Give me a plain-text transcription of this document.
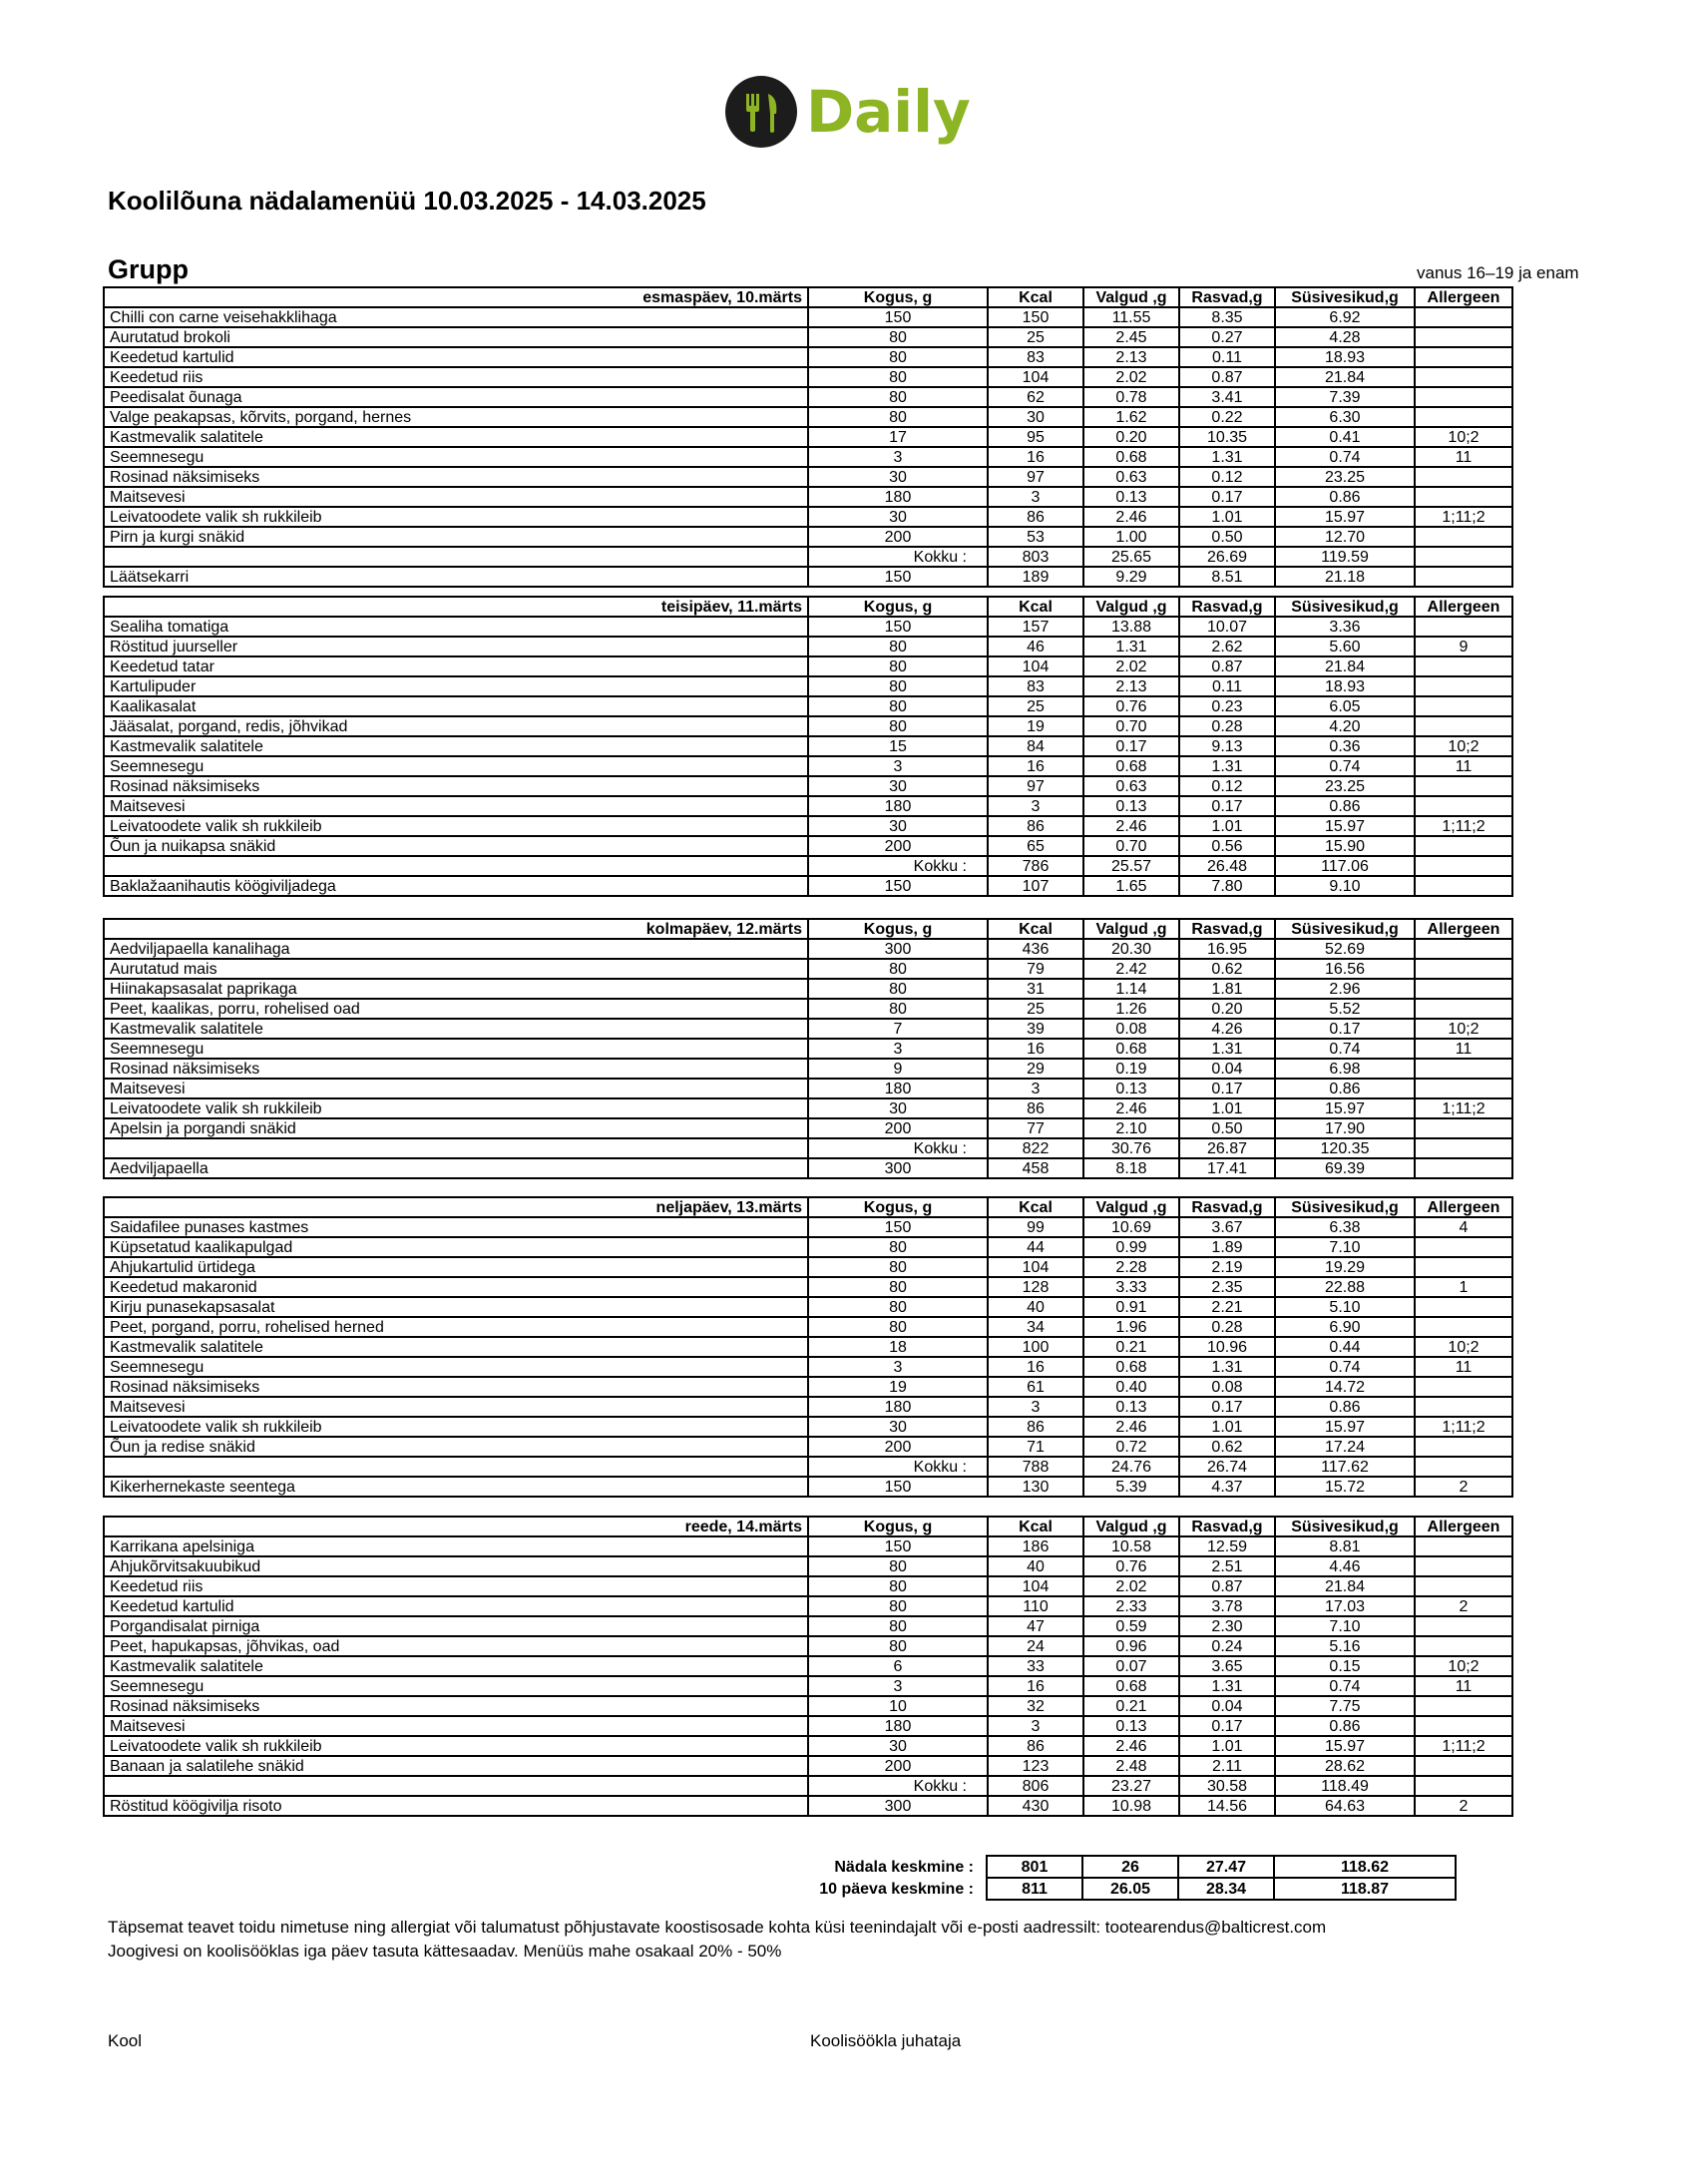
Daily
Koolilõuna nädalamenüü 10.03.2025 - 14.03.2025
Grupp	vanus 16–19 ja enam
esmaspäev, 10.märts	Kogus, g	Kcal	Valgud ,g	Rasvad,g	Süsivesikud,g	Allergeen
Chilli con carne veisehakklihaga	150	150	11.55	8.35	6.92	
Aurutatud brokoli	80	25	2.45	0.27	4.28	
Keedetud kartulid	80	83	2.13	0.11	18.93	
Keedetud riis	80	104	2.02	0.87	21.84	
Peedisalat õunaga	80	62	0.78	3.41	7.39	
Valge peakapsas, kõrvits, porgand, hernes	80	30	1.62	0.22	6.30	
Kastmevalik salatitele	17	95	0.20	10.35	0.41	10;2
Seemnesegu	3	16	0.68	1.31	0.74	11
Rosinad näksimiseks	30	97	0.63	0.12	23.25	
Maitsevesi	180	3	0.13	0.17	0.86	
Leivatoodete valik sh rukkileib	30	86	2.46	1.01	15.97	1;11;2
Pirn ja kurgi snäkid	200	53	1.00	0.50	12.70	
	Kokku :	803	25.65	26.69	119.59	
Läätsekarri	150	189	9.29	8.51	21.18	
teisipäev, 11.märts	Kogus, g	Kcal	Valgud ,g	Rasvad,g	Süsivesikud,g	Allergeen
Sealiha tomatiga	150	157	13.88	10.07	3.36	
Röstitud juurseller	80	46	1.31	2.62	5.60	9
Keedetud tatar	80	104	2.02	0.87	21.84	
Kartulipuder	80	83	2.13	0.11	18.93	
Kaalikasalat	80	25	0.76	0.23	6.05	
Jääsalat, porgand, redis, jõhvikad	80	19	0.70	0.28	4.20	
Kastmevalik salatitele	15	84	0.17	9.13	0.36	10;2
Seemnesegu	3	16	0.68	1.31	0.74	11
Rosinad näksimiseks	30	97	0.63	0.12	23.25	
Maitsevesi	180	3	0.13	0.17	0.86	
Leivatoodete valik sh rukkileib	30	86	2.46	1.01	15.97	1;11;2
Õun ja nuikapsa snäkid	200	65	0.70	0.56	15.90	
	Kokku :	786	25.57	26.48	117.06	
Baklažaanihautis köögiviljadega	150	107	1.65	7.80	9.10	
kolmapäev, 12.märts	Kogus, g	Kcal	Valgud ,g	Rasvad,g	Süsivesikud,g	Allergeen
Aedviljapaella kanalihaga	300	436	20.30	16.95	52.69	
Aurutatud mais	80	79	2.42	0.62	16.56	
Hiinakapsasalat paprikaga	80	31	1.14	1.81	2.96	
Peet, kaalikas, porru, rohelised oad	80	25	1.26	0.20	5.52	
Kastmevalik salatitele	7	39	0.08	4.26	0.17	10;2
Seemnesegu	3	16	0.68	1.31	0.74	11
Rosinad näksimiseks	9	29	0.19	0.04	6.98	
Maitsevesi	180	3	0.13	0.17	0.86	
Leivatoodete valik sh rukkileib	30	86	2.46	1.01	15.97	1;11;2
Apelsin ja porgandi snäkid	200	77	2.10	0.50	17.90	
	Kokku :	822	30.76	26.87	120.35	
Aedviljapaella	300	458	8.18	17.41	69.39	
neljapäev, 13.märts	Kogus, g	Kcal	Valgud ,g	Rasvad,g	Süsivesikud,g	Allergeen
Saidafilee punases kastmes	150	99	10.69	3.67	6.38	4
Küpsetatud kaalikapulgad	80	44	0.99	1.89	7.10	
Ahjukartulid ürtidega	80	104	2.28	2.19	19.29	
Keedetud makaronid	80	128	3.33	2.35	22.88	1
Kirju punasekapsasalat	80	40	0.91	2.21	5.10	
Peet, porgand, porru, rohelised herned	80	34	1.96	0.28	6.90	
Kastmevalik salatitele	18	100	0.21	10.96	0.44	10;2
Seemnesegu	3	16	0.68	1.31	0.74	11
Rosinad näksimiseks	19	61	0.40	0.08	14.72	
Maitsevesi	180	3	0.13	0.17	0.86	
Leivatoodete valik sh rukkileib	30	86	2.46	1.01	15.97	1;11;2
Õun ja redise snäkid	200	71	0.72	0.62	17.24	
	Kokku :	788	24.76	26.74	117.62	
Kikerhernekaste seentega	150	130	5.39	4.37	15.72	2
reede, 14.märts	Kogus, g	Kcal	Valgud ,g	Rasvad,g	Süsivesikud,g	Allergeen
Karrikana apelsiniga	150	186	10.58	12.59	8.81	
Ahjukõrvitsakuubikud	80	40	0.76	2.51	4.46	
Keedetud riis	80	104	2.02	0.87	21.84	
Keedetud kartulid	80	110	2.33	3.78	17.03	2
Porgandisalat pirniga	80	47	0.59	2.30	7.10	
Peet, hapukapsas, jõhvikas, oad	80	24	0.96	0.24	5.16	
Kastmevalik salatitele	6	33	0.07	3.65	0.15	10;2
Seemnesegu	3	16	0.68	1.31	0.74	11
Rosinad näksimiseks	10	32	0.21	0.04	7.75	
Maitsevesi	180	3	0.13	0.17	0.86	
Leivatoodete valik sh rukkileib	30	86	2.46	1.01	15.97	1;11;2
Banaan ja salatilehe snäkid	200	123	2.48	2.11	28.62	
	Kokku :	806	23.27	30.58	118.49	
Röstitud köögivilja risoto	300	430	10.98	14.56	64.63	2
Nädala keskmine :	801	26	27.47	118.62
10 päeva keskmine :	811	26.05	28.34	118.87
Täpsemat teavet toidu nimetuse ning allergiat või talumatust põhjustavate koostisosade kohta küsi teenindajalt või e-posti aadressilt: tootearendus@balticrest.com
Joogivesi on koolisööklas iga päev tasuta kättesaadav. Menüüs mahe osakaal 20% - 50%
Kool	Koolisöökla juhataja
